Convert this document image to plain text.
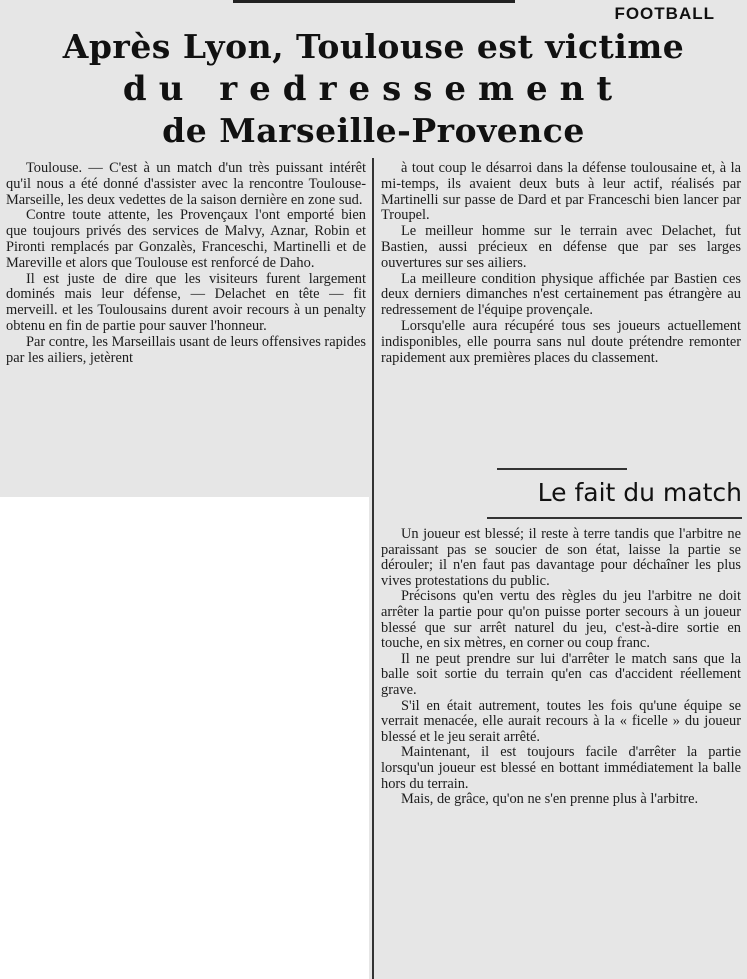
FOOTBALL
Après Lyon, Toulouse est victime
du redressement
de Marseille-Provence

Toulouse. — C'est à un match d'un très puissant intérêt qu'il nous a été donné d'assister avec la rencontre Toulouse-Marseille, les deux vedettes de la saison dernière en zone sud.

Contre toute attente, les Provençaux l'ont emporté bien que toujours privés des services de Malvy, Aznar, Robin et Pironti remplacés par Gonzalès, Franceschi, Martinelli et de Mareville et alors que Toulouse est renforcé de Daho.

Il est juste de dire que les visiteurs furent largement dominés mais leur défense, — Delachet en tête — fit merveill. et les Toulousains durent avoir recours à un penalty obtenu en fin de partie pour sauver l'honneur.

Par contre, les Marseillais usant de leurs offensives rapides par les ailiers, jetèrent

à tout coup le désarroi dans la défense toulousaine et, à la mi-temps, ils avaient deux buts à leur actif, réalisés par Martinelli sur passe de Dard et par Franceschi bien lancer par Troupel.

Le meilleur homme sur le terrain avec Delachet, fut Bastien, aussi précieux en défense que par ses larges ouvertures sur ses ailiers.

La meilleure condition physique affichée par Bastien ces deux derniers dimanches n'est certainement pas étrangère au redressement de l'équipe provençale.

Lorsqu'elle aura récupéré tous ses joueurs actuellement indisponibles, elle pourra sans nul doute prétendre remonter rapidement aux premières places du classement.

Le fait du match

Un joueur est blessé; il reste à terre tandis que l'arbitre ne paraissant pas se soucier de son état, laisse la partie se dérouler; il n'en faut pas davantage pour déchaîner les plus vives protestations du public.

Précisons qu'en vertu des règles du jeu l'arbitre ne doit arrêter la partie pour qu'on puisse porter secours à un joueur blessé que sur arrêt naturel du jeu, c'est-à-dire sortie en touche, en six mètres, en corner ou coup franc.

Il ne peut prendre sur lui d'arrêter le match sans que la balle soit sortie du terrain qu'en cas d'accident réellement grave.

S'il en était autrement, toutes les fois qu'une équipe se verrait menacée, elle aurait recours à la « ficelle » du joueur blessé et le jeu serait arrêté.

Maintenant, il est toujours facile d'arrêter la partie lorsqu'un joueur est blessé en bottant immédiatement la balle hors du terrain.

Mais, de grâce, qu'on ne s'en prenne plus à l'arbitre.
